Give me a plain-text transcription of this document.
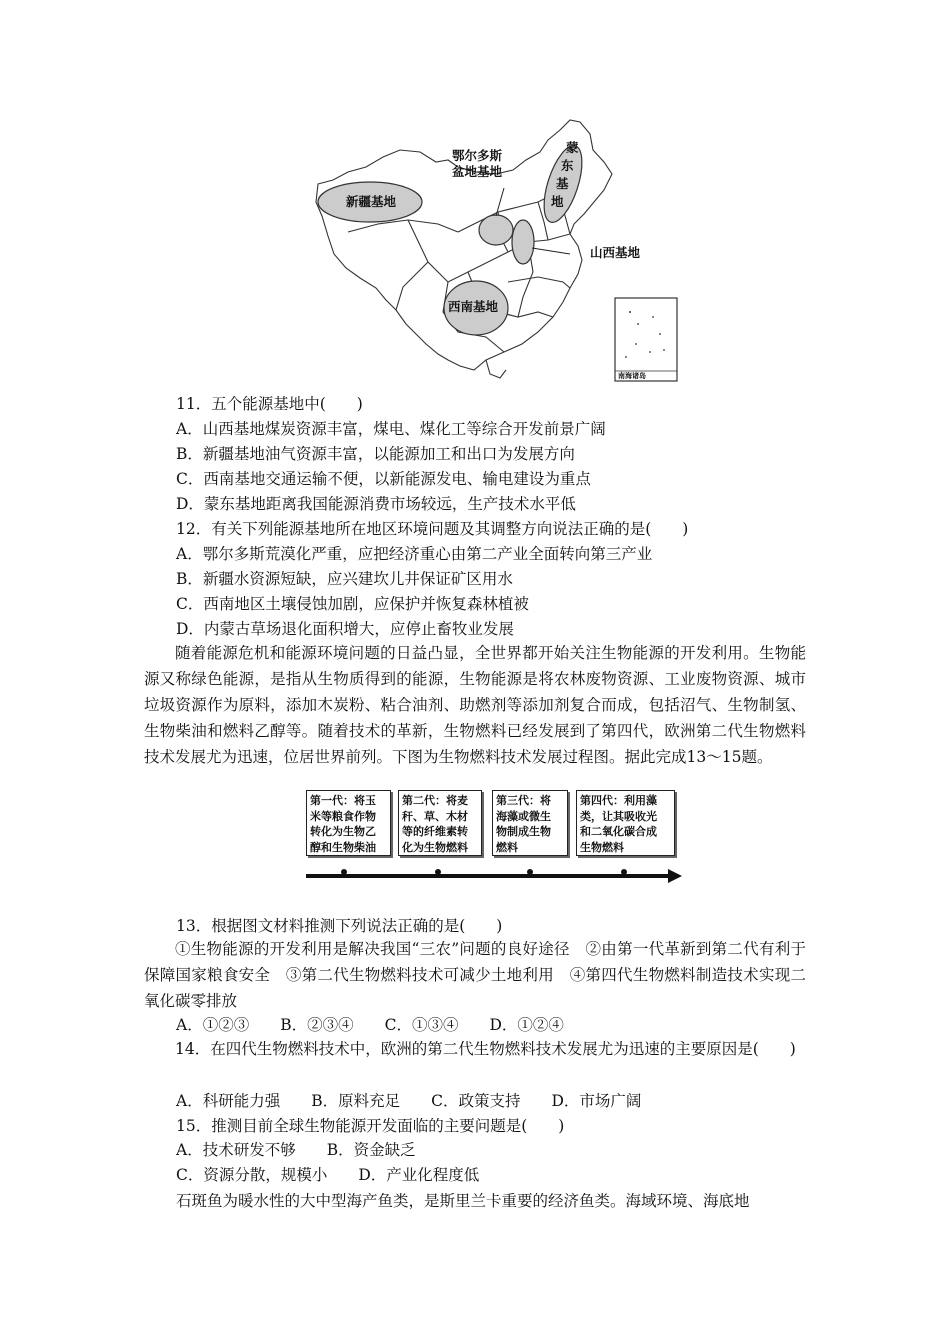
新疆基地
鄂尔多斯
盆地基地
蒙
东
基
地
山西基地
西南基地
南海诸岛
11．五个能源基地中(　　)
A．山西基地煤炭资源丰富，煤电、煤化工等综合开发前景广阔
B．新疆基地油气资源丰富，以能源加工和出口为发展方向
C．西南基地交通运输不便，以新能源发电、输电建设为重点
D．蒙东基地距离我国能源消费市场较远，生产技术水平低
12．有关下列能源基地所在地区环境问题及其调整方向说法正确的是(　　)
A．鄂尔多斯荒漠化严重，应把经济重心由第二产业全面转向第三产业
B．新疆水资源短缺，应兴建坎儿井保证矿区用水
C．西南地区土壤侵蚀加剧，应保护并恢复森林植被
D．内蒙古草场退化面积增大，应停止畜牧业发展
随着能源危机和能源环境问题的日益凸显，全世界都开始关注生物能源的开发利用。生物能源又称绿色能源，是指从生物质得到的能源，生物能源是将农林废物资源、工业废物资源、城市垃圾资源作为原料，添加木炭粉、粘合油剂、助燃剂等添加剂复合而成，包括沼气、生物制氢、生物柴油和燃料乙醇等。随着技术的革新，生物燃料已经发展到了第四代，欧洲第二代生物燃料技术发展尤为迅速，位居世界前列。下图为生物燃料技术发展过程图。据此完成13～15题。
第一代：将玉
米等粮食作物
转化为生物乙
醇和生物柴油
第二代：将麦
秆、草、木材
等的纤维素转
化为生物燃料
第三代：将
海藻或微生
物制成生物
燃料
第四代：利用藻
类，让其吸收光
和二氧化碳合成
生物燃料
13．根据图文材料推测下列说法正确的是(　　)
①生物能源的开发利用是解决我国“三农”问题的良好途径　②由第一代革新到第二代有利于保障国家粮食安全　③第二代生物燃料技术可减少土地利用　④第四代生物燃料制造技术实现二氧化碳零排放
A．①②③　　B．②③④　　C．①③④　　D．①②④
14．在四代生物燃料技术中，欧洲的第二代生物燃料技术发展尤为迅速的主要原因是(　　)
A．科研能力强　　B．原料充足　　C．政策支持　　D．市场广阔
15．推测目前全球生物能源开发面临的主要问题是(　　)
A．技术研发不够　　B．资金缺乏
C．资源分散，规模小　　D．产业化程度低
石斑鱼为暖水性的大中型海产鱼类，是斯里兰卡重要的经济鱼类。海域环境、海底地
